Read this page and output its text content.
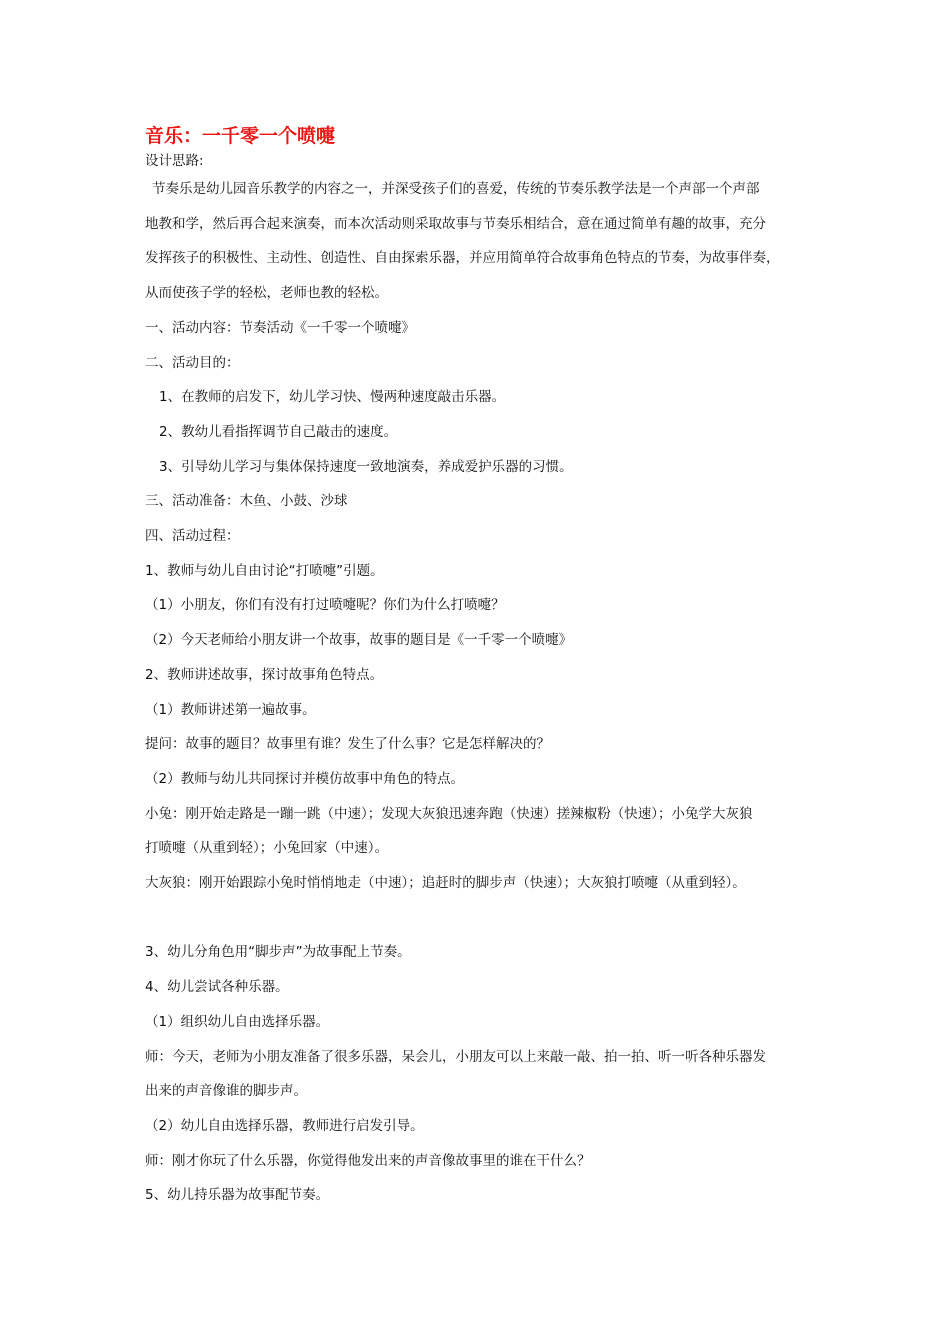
音乐：一千零一个喷嚏
设计思路:
节奏乐是幼儿园音乐教学的内容之一，并深受孩子们的喜爱，传统的节奏乐教学法是一个声部一个声部
地教和学，然后再合起来演奏，而本次活动则采取故事与节奏乐相结合，意在通过简单有趣的故事，充分
发挥孩子的积极性、主动性、创造性、自由探索乐器，并应用简单符合故事角色特点的节奏，为故事伴奏，
从而使孩子学的轻松，老师也教的轻松。
一、活动内容：节奏活动《一千零一个喷嚏》
二、活动目的：
1、在教师的启发下，幼儿学习快、慢两种速度敲击乐器。
2、教幼儿看指挥调节自己敲击的速度。
3、引导幼儿学习与集体保持速度一致地演奏，养成爱护乐器的习惯。
三、活动准备：木鱼、小鼓、沙球
四、活动过程：
1、教师与幼儿自由讨论“打喷嚏”引题。
（1）小朋友，你们有没有打过喷嚏呢？你们为什么打喷嚏？
（2）今天老师给小朋友讲一个故事，故事的题目是《一千零一个喷嚏》
2、教师讲述故事，探讨故事角色特点。
（1）教师讲述第一遍故事。
提问：故事的题目？故事里有谁？发生了什么事？它是怎样解决的？
（2）教师与幼儿共同探讨并模仿故事中角色的特点。
小兔：刚开始走路是一蹦一跳（中速）；发现大灰狼迅速奔跑（快速）搓辣椒粉（快速）；小兔学大灰狼
打喷嚏（从重到轻）；小兔回家（中速）。
大灰狼：刚开始跟踪小兔时悄悄地走（中速）；追赶时的脚步声（快速）；大灰狼打喷嚏（从重到轻）。
3、幼儿分角色用“脚步声”为故事配上节奏。
4、幼儿尝试各种乐器。
（1）组织幼儿自由选择乐器。
师：今天，老师为小朋友准备了很多乐器，呆会儿，小朋友可以上来敲一敲、拍一拍、听一听各种乐器发
出来的声音像谁的脚步声。
（2）幼儿自由选择乐器，教师进行启发引导。
师：刚才你玩了什么乐器，你觉得他发出来的声音像故事里的谁在干什么？
5、幼儿持乐器为故事配节奏。
